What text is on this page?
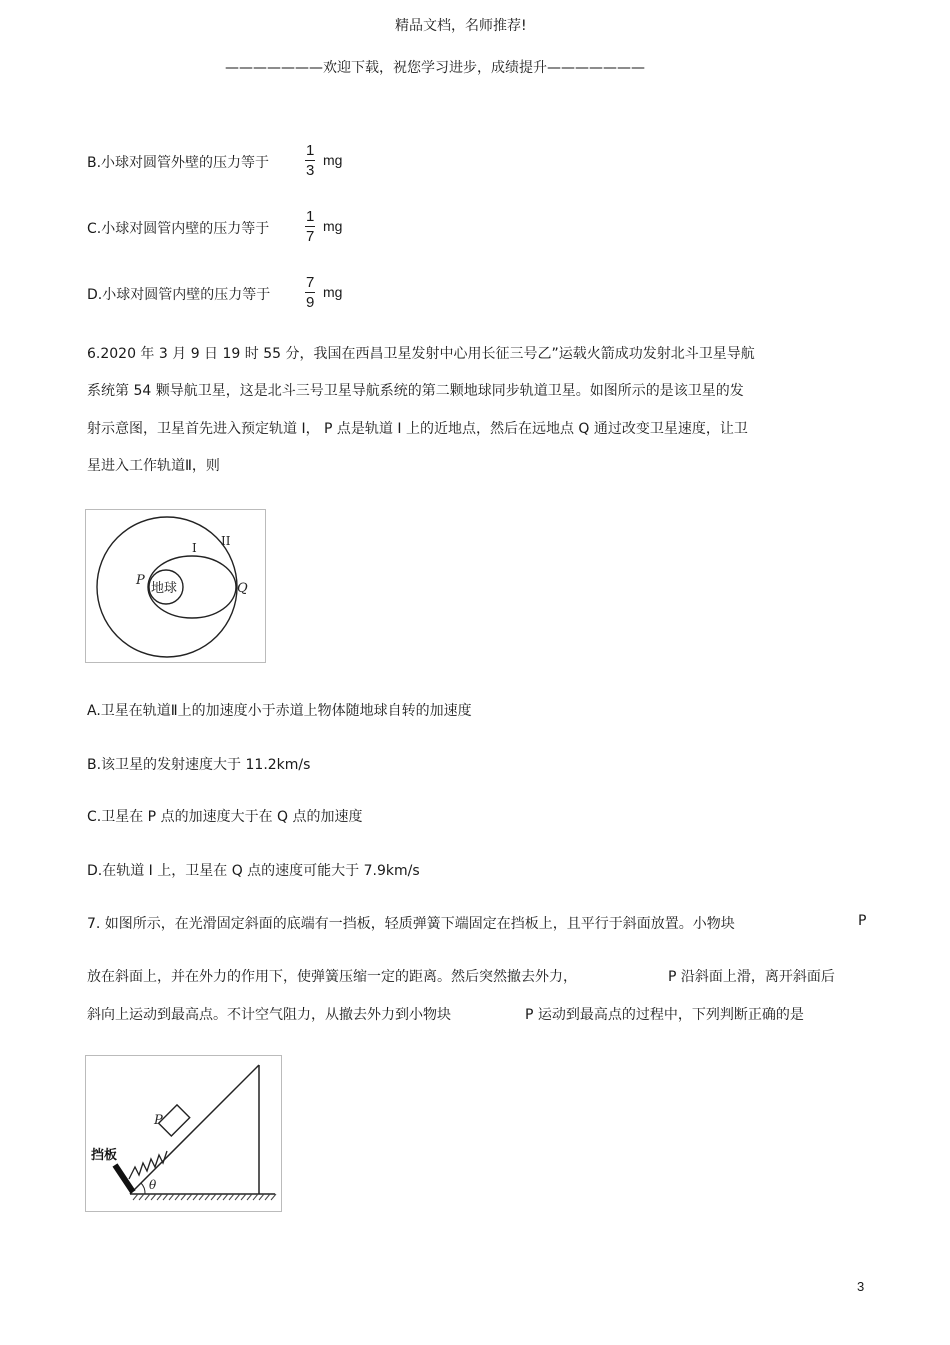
精品文档，名师推荐!
———————欢迎下载，祝您学习进步，成绩提升———————
B.小球对圆管外壁的压力等于
1
3
mg
C.小球对圆管内壁的压力等于
1
7
mg
D.小球对圆管内壁的压力等于
7
9
mg
6.2020 年 3 月 9 日 19 时 55 分，我国在西昌卫星发射中心用长征三号乙”运载火箭成功发射北斗卫星导航
系统第 54 颗导航卫星，这是北斗三号卫星导航系统的第二颗地球同步轨道卫星。如图所示的是该卫星的发
射示意图，卫星首先进入预定轨道 Ⅰ， P 点是轨道 Ⅰ 上的近地点，然后在远地点 Q 通过改变卫星速度，让卫
星进入工作轨道Ⅱ，则
地球
P
Q
I II
A.卫星在轨道Ⅱ上的加速度小于赤道上物体随地球自转的加速度
B.该卫星的发射速度大于 11.2km/s
C.卫星在 P 点的加速度大于在 Q 点的加速度
D.在轨道 Ⅰ 上，卫星在 Q 点的速度可能大于 7.9km/s
7. 如图所示，在光滑固定斜面的底端有一挡板，轻质弹簧下端固定在挡板上，且平行于斜面放置。小物块	P
放在斜面上，并在外力的作用下，使弹簧压缩一定的距离。然后突然撤去外力，	P 沿斜面上滑，离开斜面后
斜向上运动到最高点。不计空气阻力，从撤去外力到小物块	P 运动到最高点的过程中，下列判断正确的是
挡板
P
θ
3
